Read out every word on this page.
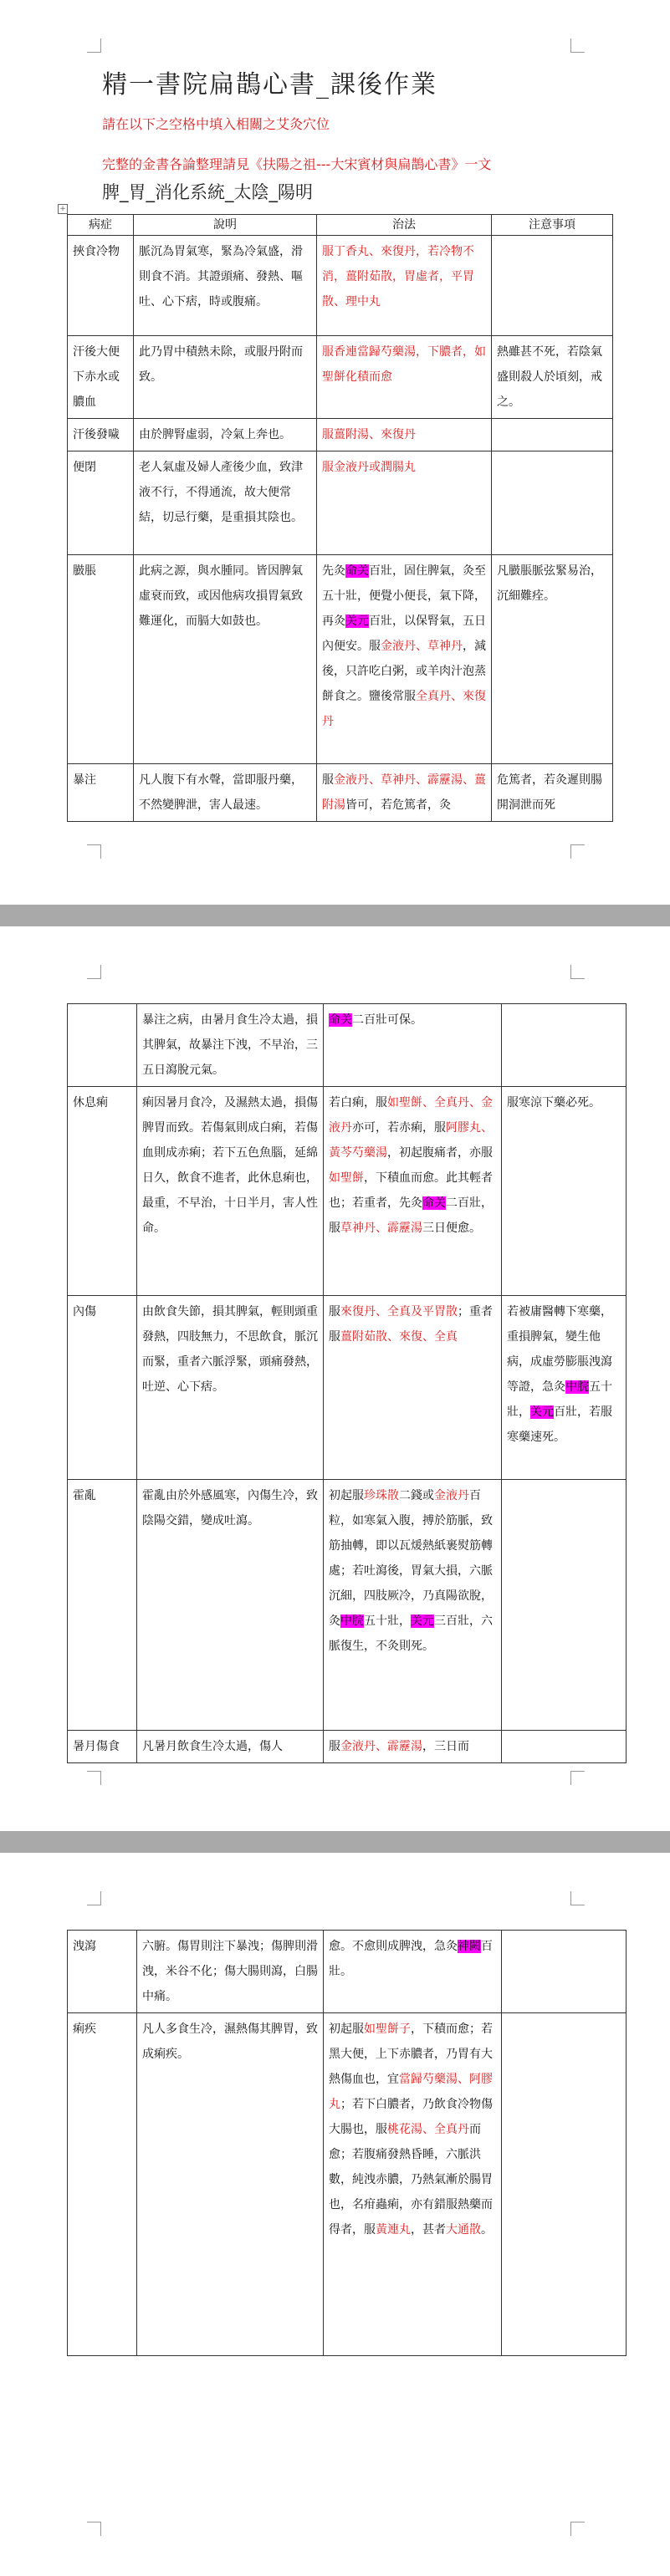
精一書院扁鵲心書_課後作業
請在以下之空格中填入相關之艾灸穴位
完整的金書各論整理請見《扶陽之祖---大宋賓材與扁鵲心書》一文
脾_胃_消化系統_太陰_陽明
+
病症	說明	治法	注意事項
挾食冷物	脈沉為胃氣寒，緊為冷氣盛，滑則食不消。其證頭痛、發熱、嘔吐、心下痞，時或腹痛。	服丁香丸、來復丹，若冷物不消，薑附茹散，胃虛者，平胃散、理中丸	
汗後大便下赤水或膿血	此乃胃中積熱未除，或服丹附而致。	服香連當歸芍藥湯，下膿者，如聖餅化積而愈	熱雖甚不死，若陰氣盛則殺人於頃刻，戒之。
汗後發噦	由於脾腎虛弱，冷氣上奔也。	服薑附湯、來復丹	
便閉	老人氣虛及婦人產後少血，致津液不行，不得通流，故大便常結，切忌行藥，是重損其陰也。	服金液丹或潤腸丸	
臌脹	此病之源，與水腫同。皆因脾氣虛衰而致，或因他病攻損胃氣致難運化，而膈大如鼓也。	先灸命关百壯，固住脾氣，灸至五十壯，便覺小便長，氣下降，再灸关元百壯，以保腎氣，五日內便安。服金液丹、草神丹，減後，只許吃白粥，或羊肉汁泡蒸餅食之。鹽後常服全真丹、來復丹	凡臌脹脈弦緊易治，沉細難痊。
暴注	凡人腹下有水聲，當即服丹藥，不然變脾泄，害人最速。	服金液丹、草神丹、霹靂湯、薑附湯皆可，若危篤者，灸	危篤者，若灸遲則腸開洞泄而死
	暴注之病，由暑月食生冷太過，損其脾氣，故暴注下洩，不早治，三五日瀉脫元氣。	命关二百壯可保。	
休息痢	痢因暑月食冷，及濕熱太過，損傷脾胃而致。若傷氣則成白痢，若傷血則成赤痢；若下五色魚腦，延綿日久，飲食不進者，此休息痢也，最重，不早治，十日半月，害人性命。	若白痢，服如聖餅、全真丹、金液丹亦可，若赤痢，服阿膠丸、黃芩芍藥湯，初起腹痛者，亦服如聖餅，下積血而愈。此其輕者也；若重者，先灸命关二百壯，服草神丹、霹靂湯三日便愈。	服寒涼下藥必死。
內傷	由飲食失節，損其脾氣，輕則頭重發熱，四肢無力，不思飲食，脈沉而緊，重者六脈浮緊，頭痛發熱，吐逆、心下痞。	服來復丹、全真及平胃散；重者服薑附茹散、來復、全真	若被庸醫轉下寒藥，重損脾氣，變生他病，成虛勞膨脹洩瀉等證，急灸中脘五十壯，关元百壯，若服寒藥速死。
霍亂	霍亂由於外感風寒，內傷生冷，致陰陽交錯，變成吐瀉。	初起服珍珠散二錢或金液丹百粒，如寒氣入腹，搏於筋脈，致筋抽轉，即以瓦煖熱紙裹熨筋轉處；若吐瀉後，胃氣大損，六脈沉細，四肢厥冷，乃真陽欲脫，灸中脘五十壯，关元三百壯，六脈復生，不灸則死。	
暑月傷食	凡暑月飲食生冷太過，傷人	服金液丹、霹靂湯，三日而	
洩瀉	六腑。傷胃則注下暴洩；傷脾則滑洩，米谷不化；傷大腸則瀉，白腸中痛。	愈。不愈則成脾洩，急灸神闕百壯。	
痢疾	凡人多食生冷，濕熱傷其脾胃，致成痢疾。	初起服如聖餅子，下積而愈；若黑大便，上下赤膿者，乃胃有大熱傷血也，宜當歸芍藥湯、阿膠丸；若下白膿者，乃飲食冷物傷大腸也，服桃花湯、全真丹而愈；若腹痛發熱昏睡，六脈洪數，純洩赤膿，乃熱氣漸於腸胃也，名疳蟲痢，亦有錯服熱藥而得者，服黃連丸，甚者大通散。	
